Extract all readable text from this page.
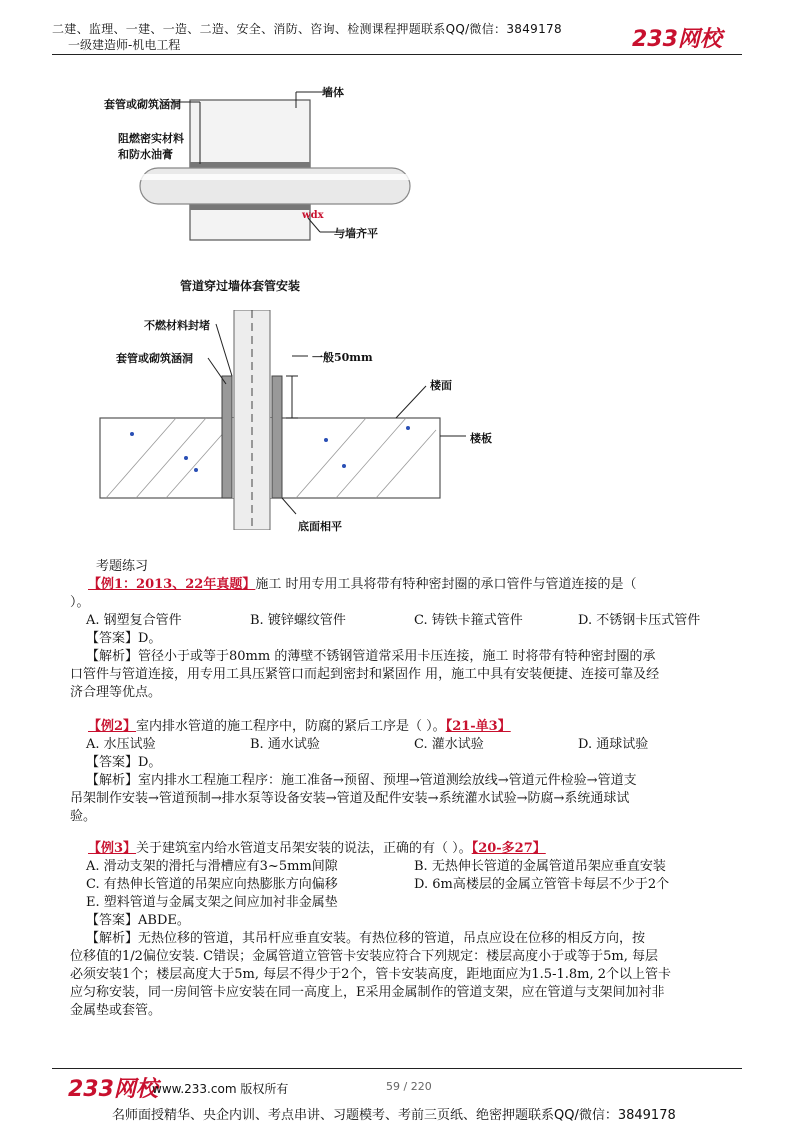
二建、监理、一建、一造、二造、安全、消防、咨询、检测课程押题联系QQ/微信：3849178
一级建造师-机电工程	233网校
套管或砌筑涵洞
阻燃密实材料
和防水油膏
墙体
wdx
与墙齐平
管道穿过墙体套管安装
不燃材料封堵
套管或砌筑涵洞	一般50mm
楼面
楼板
底面相平
考题练习
【例1：2013、22年真题】施工 时用专用工具将带有特种密封圈的承口管件与管道连接的是（
）。
A. 钢塑复合管件	B. 镀锌螺纹管件	C. 铸铁卡箍式管件	D. 不锈钢卡压式管件
【答案】D。
【解析】管径小于或等于80mm 的薄壁不锈钢管道常采用卡压连接，施工 时将带有特种密封圈的承
口管件与管道连接，用专用工具压紧管口而起到密封和紧固作 用，施工中具有安装便捷、连接可靠及经
济合理等优点。
【例2】室内排水管道的施工程序中，防腐的紧后工序是（ ）。【21-单3】
A. 水压试验	B. 通水试验	C. 灌水试验	D. 通球试验
【答案】D。
【解析】室内排水工程施工程序：施工准备→预留、预埋→管道测绘放线→管道元件检验→管道支
吊架制作安装→管道预制→排水泵等设备安装→管道及配件安装→系统灌水试验→防腐→系统通球试
验。
【例3】关于建筑室内给水管道支吊架安装的说法，正确的有（ ）。【20-多27】
A. 滑动支架的滑托与滑槽应有3~5mm间隙	B. 无热伸长管道的金属管道吊架应垂直安装
C. 有热伸长管道的吊架应向热膨胀方向偏移	D. 6m高楼层的金属立管管卡每层不少于2个
E. 塑料管道与金属支架之间应加衬非金属垫
【答案】ABDE。
【解析】无热位移的管道，其吊杆应垂直安装。有热位移的管道，吊点应设在位移的相反方向，按
位移值的1/2偏位安装. C错误；金属管道立管管卡安装应符合下列规定：楼层高度小于或等于5m, 每层
必须安装1个；楼层高度大于5m, 每层不得少于2个，管卡安装高度，距地面应为1.5-1.8m, 2个以上管卡
应匀称安装，同一房间管卡应安装在同一高度上，E采用金属制作的管道支架，应在管道与支架间加衬非
金属垫或套管。
233网校
www.233.com 版权所有	59 / 220
名师面授精华、央企内训、考点串讲、习题模考、考前三页纸、绝密押题联系QQ/微信：3849178
